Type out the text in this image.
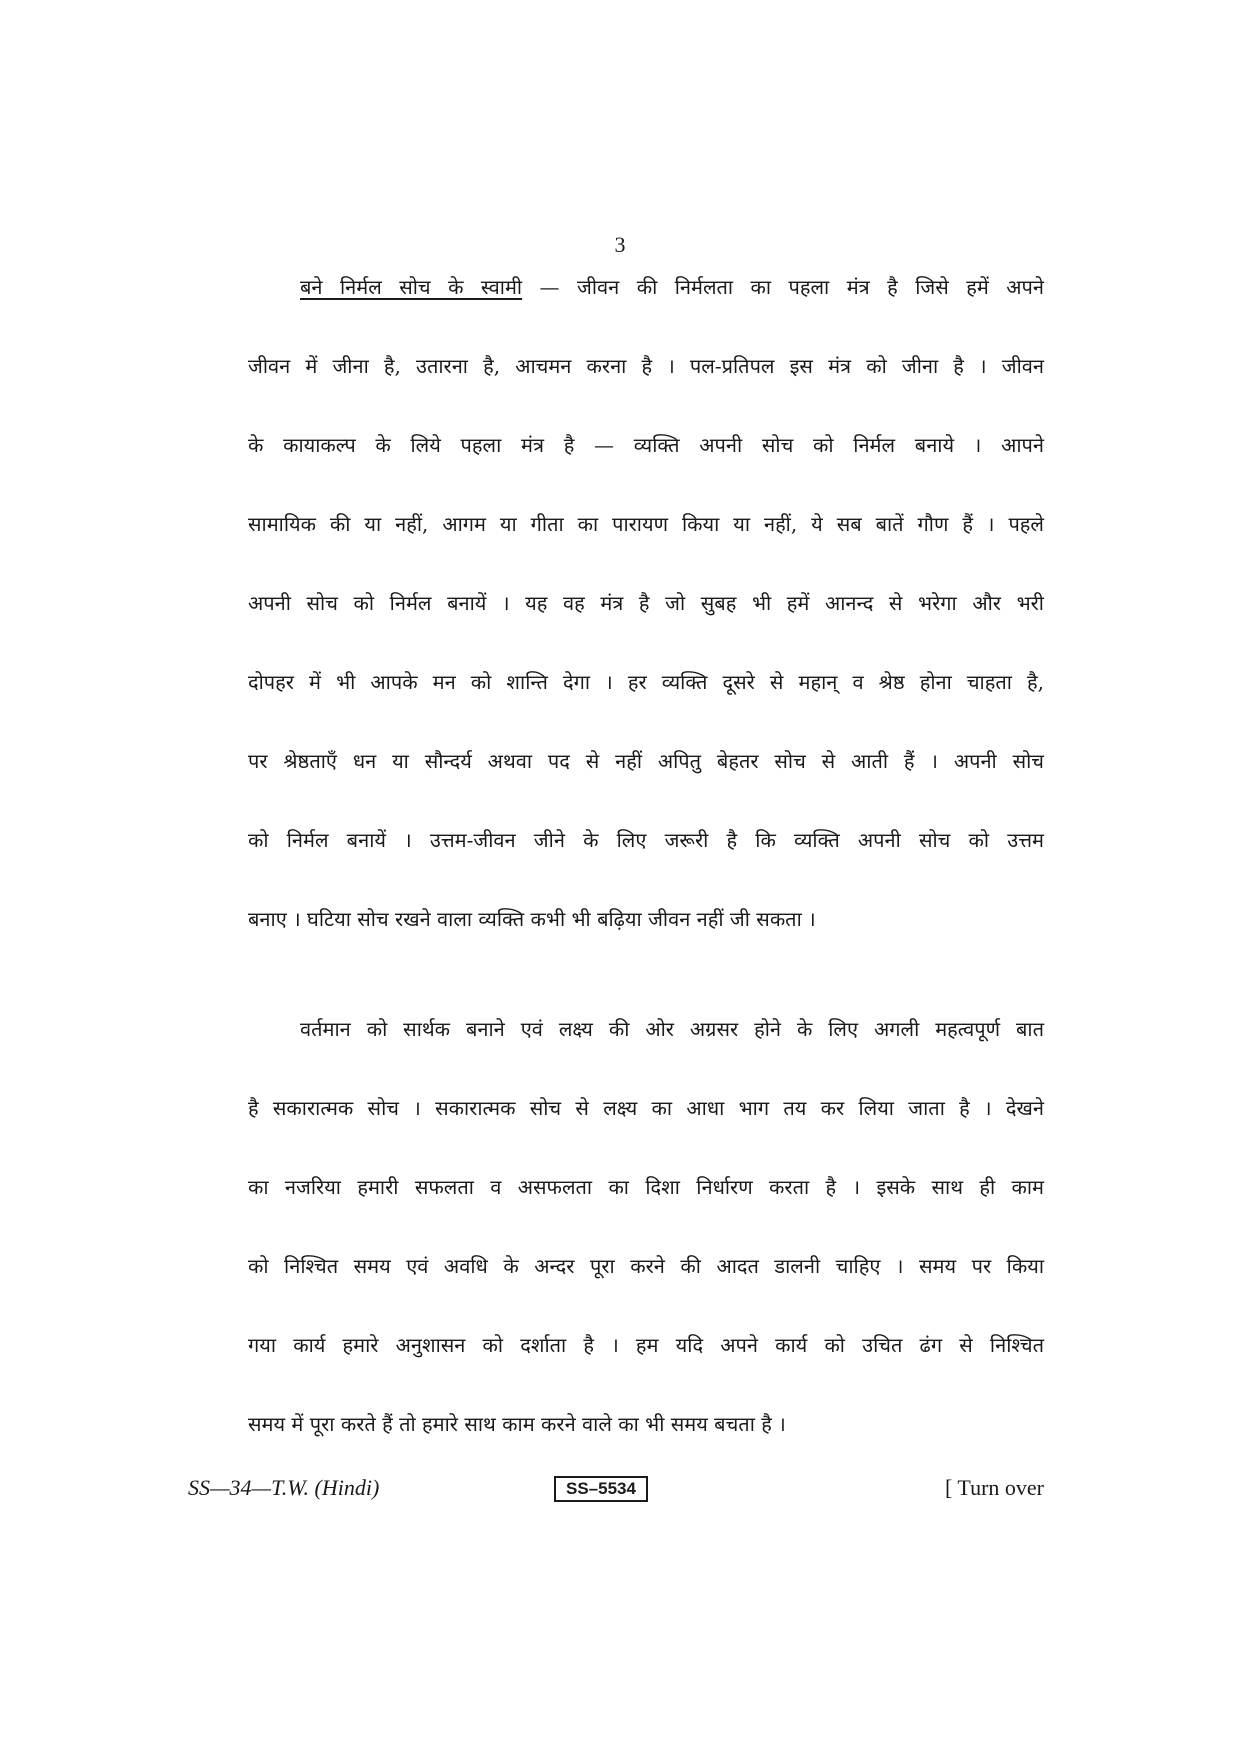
3
बने निर्मल सोच के स्वामी — जीवन की निर्मलता का पहला मंत्र है जिसे हमें अपने
जीवन में जीना है, उतारना है, आचमन करना है । पल-प्रतिपल इस मंत्र को जीना है । जीवन
के कायाकल्प के लिये पहला मंत्र है — व्यक्ति अपनी सोच को निर्मल बनाये । आपने
सामायिक की या नहीं, आगम या गीता का पारायण किया या नहीं, ये सब बातें गौण हैं । पहले
अपनी सोच को निर्मल बनायें । यह वह मंत्र है जो सुबह भी हमें आनन्द से भरेगा और भरी
दोपहर में भी आपके मन को शान्ति देगा । हर व्यक्ति दूसरे से महान् व श्रेष्ठ होना चाहता है,
पर श्रेष्ठताएँ धन या सौन्दर्य अथवा पद से नहीं अपितु बेहतर सोच से आती हैं । अपनी सोच
को निर्मल बनायें । उत्तम-जीवन जीने के लिए जरूरी है कि व्यक्ति अपनी सोच को उत्तम
बनाए । घटिया सोच रखने वाला व्यक्ति कभी भी बढ़िया जीवन नहीं जी सकता ।
वर्तमान को सार्थक बनाने एवं लक्ष्य की ओर अग्रसर होने के लिए अगली महत्वपूर्ण बात
है सकारात्मक सोच । सकारात्मक सोच से लक्ष्य का आधा भाग तय कर लिया जाता है । देखने
का नजरिया हमारी सफलता व असफलता का दिशा निर्धारण करता है । इसके साथ ही काम
को निश्चित समय एवं अवधि के अन्दर पूरा करने की आदत डालनी चाहिए । समय पर किया
गया कार्य हमारे अनुशासन को दर्शाता है । हम यदि अपने कार्य को उचित ढंग से निश्चित
समय में पूरा करते हैं तो हमारे साथ काम करने वाले का भी समय बचता है ।
SS—34—T.W. (Hindi)	SS–5534	[ Turn over
